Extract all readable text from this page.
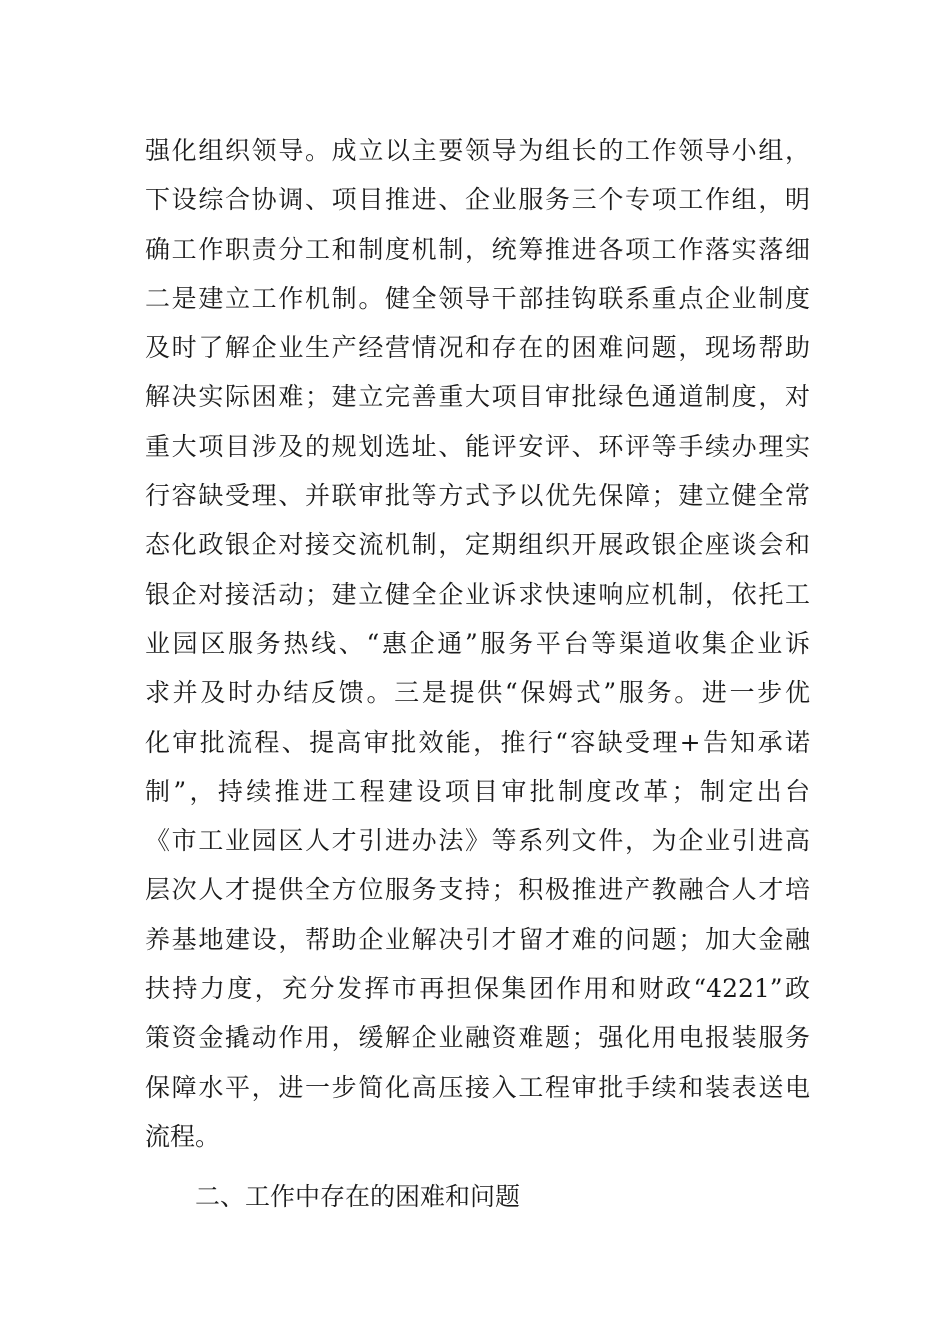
强化组织领导。成立以主要领导为组长的工作领导小组，
下设综合协调、项目推进、企业服务三个专项工作组，明
确工作职责分工和制度机制，统筹推进各项工作落实落细
二是建立工作机制。健全领导干部挂钩联系重点企业制度
及时了解企业生产经营情况和存在的困难问题，现场帮助
解决实际困难；建立完善重大项目审批绿色通道制度，对
重大项目涉及的规划选址、能评安评、环评等手续办理实
行容缺受理、并联审批等方式予以优先保障；建立健全常
态化政银企对接交流机制，定期组织开展政银企座谈会和
银企对接活动；建立健全企业诉求快速响应机制，依托工
业园区服务热线、“惠企通”服务平台等渠道收集企业诉
求并及时办结反馈。三是提供“保姆式”服务。进一步优
化审批流程、提高审批效能，推行“容缺受理+告知承诺
制”，持续推进工程建设项目审批制度改革；制定出台
《市工业园区人才引进办法》等系列文件，为企业引进高
层次人才提供全方位服务支持；积极推进产教融合人才培
养基地建设，帮助企业解决引才留才难的问题；加大金融
扶持力度，充分发挥市再担保集团作用和财政“4221”政
策资金撬动作用，缓解企业融资难题；强化用电报装服务
保障水平，进一步简化高压接入工程审批手续和装表送电
流程。
二、工作中存在的困难和问题
